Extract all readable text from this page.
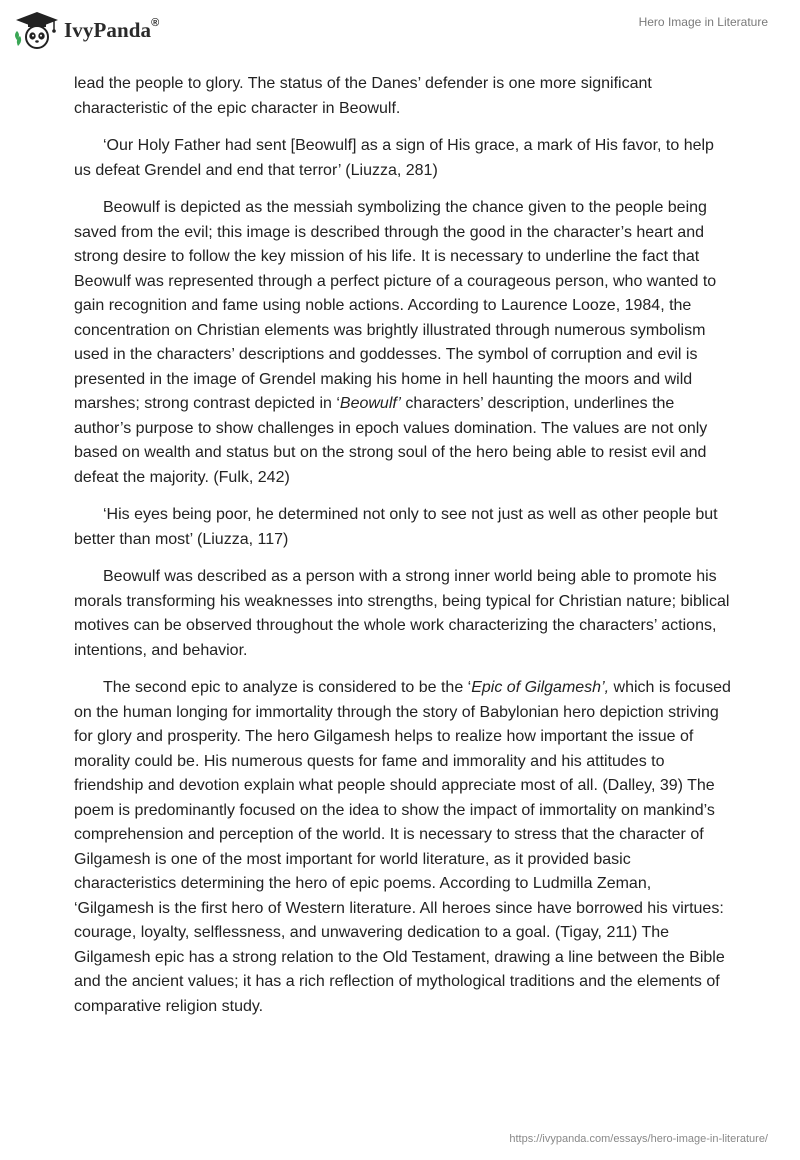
IvyPanda®	Hero Image in Literature

lead the people to glory. The status of the Danes’ defender is one more significant characteristic of the epic character in Beowulf.

‘Our Holy Father had sent [Beowulf] as a sign of His grace, a mark of His favor, to help us defeat Grendel and end that terror’ (Liuzza, 281)

Beowulf is depicted as the messiah symbolizing the chance given to the people being saved from the evil; this image is described through the good in the character’s heart and strong desire to follow the key mission of his life. It is necessary to underline the fact that Beowulf was represented through a perfect picture of a courageous person, who wanted to gain recognition and fame using noble actions. According to Laurence Looze, 1984, the concentration on Christian elements was brightly illustrated through numerous symbolism used in the characters’ descriptions and goddesses. The symbol of corruption and evil is presented in the image of Grendel making his home in hell haunting the moors and wild marshes; strong contrast depicted in ‘Beowulf’ characters’ description, underlines the author’s purpose to show challenges in epoch values domination. The values are not only based on wealth and status but on the strong soul of the hero being able to resist evil and defeat the majority. (Fulk, 242)

‘His eyes being poor, he determined not only to see not just as well as other people but better than most’ (Liuzza, 117)

Beowulf was described as a person with a strong inner world being able to promote his morals transforming his weaknesses into strengths, being typical for Christian nature; biblical motives can be observed throughout the whole work characterizing the characters’ actions, intentions, and behavior.

The second epic to analyze is considered to be the ‘Epic of Gilgamesh’, which is focused on the human longing for immortality through the story of Babylonian hero depiction striving for glory and prosperity. The hero Gilgamesh helps to realize how important the issue of morality could be. His numerous quests for fame and immorality and his attitudes to friendship and devotion explain what people should appreciate most of all. (Dalley, 39) The poem is predominantly focused on the idea to show the impact of immortality on mankind’s comprehension and perception of the world. It is necessary to stress that the character of Gilgamesh is one of the most important for world literature, as it provided basic characteristics determining the hero of epic poems. According to Ludmilla Zeman, ‘Gilgamesh is the first hero of Western literature. All heroes since have borrowed his virtues: courage, loyalty, selflessness, and unwavering dedication to a goal. (Tigay, 211) The Gilgamesh epic has a strong relation to the Old Testament, drawing a line between the Bible and the ancient values; it has a rich reflection of mythological traditions and the elements of comparative religion study.

https://ivypanda.com/essays/hero-image-in-literature/
